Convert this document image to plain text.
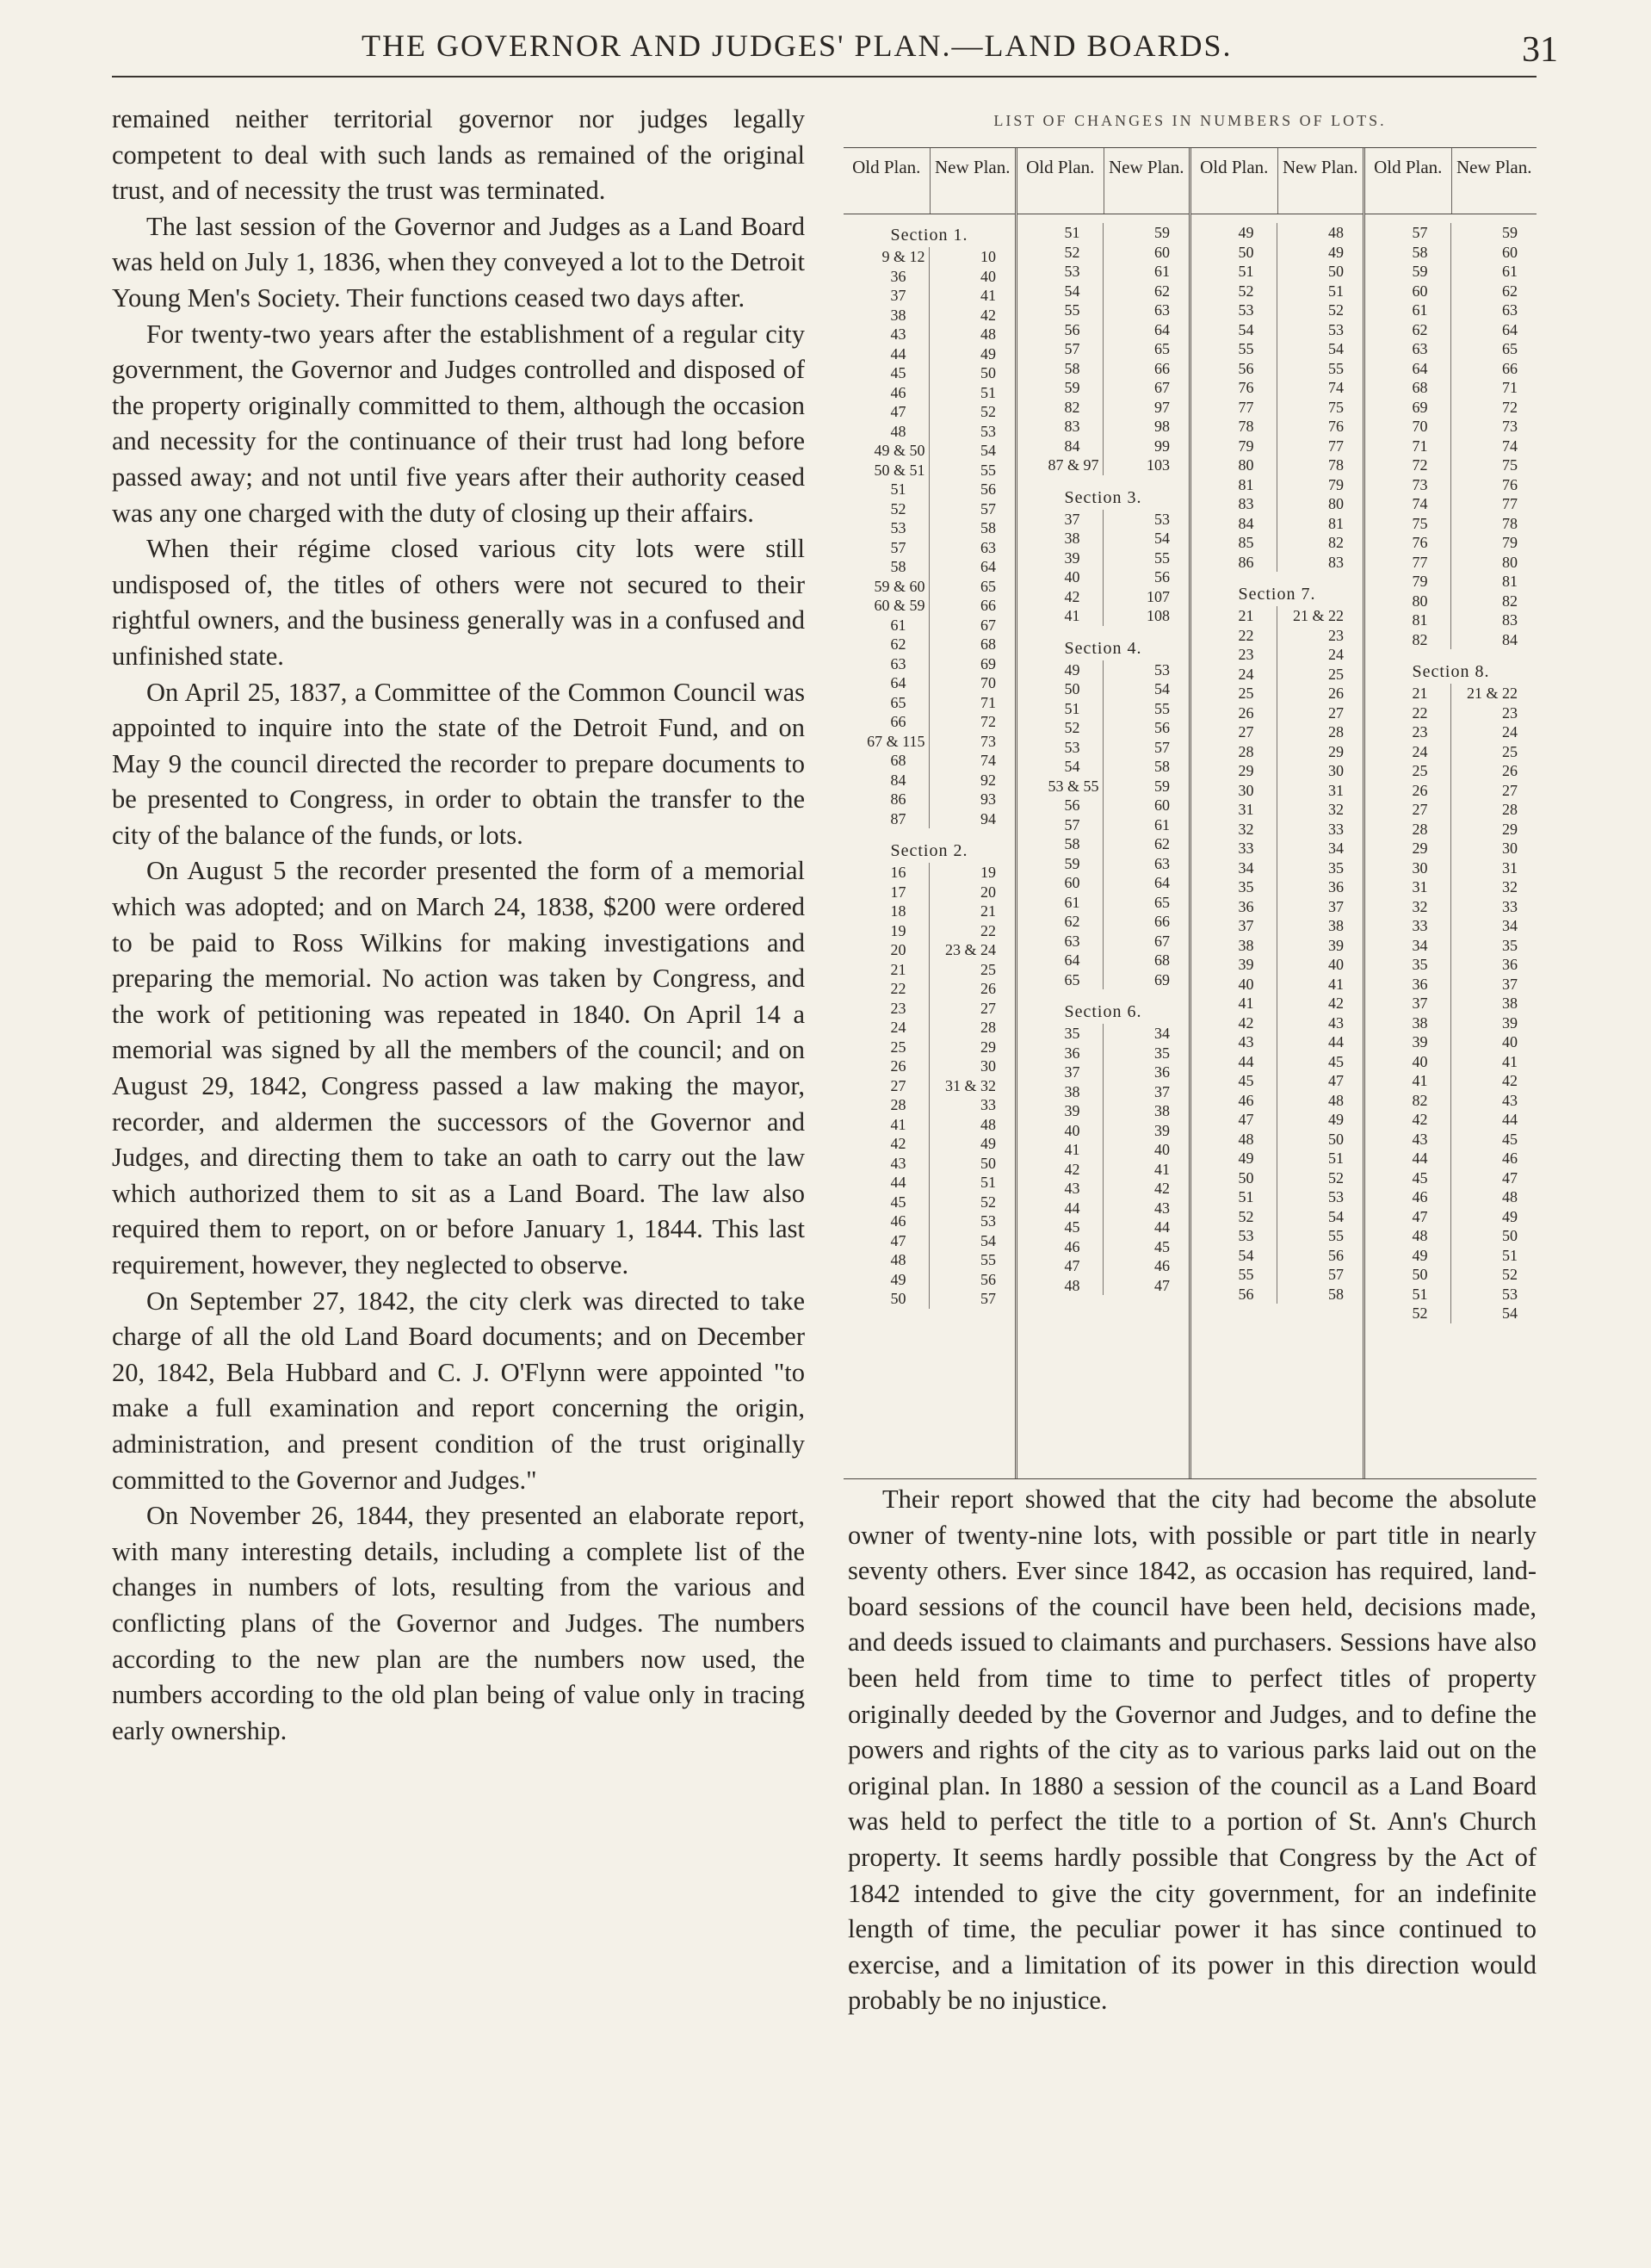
THE GOVERNOR AND JUDGES' PLAN.—LAND BOARDS.	31

remained neither territorial governor nor judges legally competent to deal with such lands as remained of the original trust, and of necessity the trust was terminated.

The last session of the Governor and Judges as a Land Board was held on July 1, 1836, when they conveyed a lot to the Detroit Young Men's Society. Their functions ceased two days after.

For twenty-two years after the establishment of a regular city government, the Governor and Judges controlled and disposed of the property originally committed to them, although the occasion and necessity for the continuance of their trust had long before passed away; and not until five years after their authority ceased was any one charged with the duty of closing up their affairs.

When their régime closed various city lots were still undisposed of, the titles of others were not secured to their rightful owners, and the business generally was in a confused and unfinished state.

On April 25, 1837, a Committee of the Common Council was appointed to inquire into the state of the Detroit Fund, and on May 9 the council directed the recorder to prepare documents to be presented to Congress, in order to obtain the transfer to the city of the balance of the funds, or lots.

On August 5 the recorder presented the form of a memorial which was adopted; and on March 24, 1838, $200 were ordered to be paid to Ross Wilkins for making investigations and preparing the memorial. No action was taken by Congress, and the work of petitioning was repeated in 1840. On April 14 a memorial was signed by all the members of the council; and on August 29, 1842, Congress passed a law making the mayor, recorder, and aldermen the successors of the Governor and Judges, and directing them to take an oath to carry out the law which authorized them to sit as a Land Board. The law also required them to report, on or before January 1, 1844. This last requirement, however, they neglected to observe.

On September 27, 1842, the city clerk was directed to take charge of all the old Land Board documents; and on December 20, 1842, Bela Hubbard and C. J. O'Flynn were appointed "to make a full examination and report concerning the origin, administration, and present condition of the trust originally committed to the Governor and Judges."

On November 26, 1844, they presented an elaborate report, with many interesting details, including a complete list of the changes in numbers of lots, resulting from the various and conflicting plans of the Governor and Judges. The numbers according to the new plan are the numbers now used, the numbers according to the old plan being of value only in tracing early ownership.

LIST OF CHANGES IN NUMBERS OF LOTS.
Old Plan. New Plan.
Section 1.
9 & 12	10
36	40
37	41
38	42
43	48
44	49
45	50
46	51
47	52
48	53
49 & 50	54
50 & 51	55
51	56
52	57
53	58
57	63
58	64
59 & 60	65
60 & 59	66
61	67
62	68
63	69
64	70
65	71
66	72
67 & 115	73
68	74
84	92
86	93
87	94
Section 2.
16	19
17	20
18	21
19	22
20	23 & 24
21	25
22	26
23	27
24	28
25	29
26	30
27	31 & 32
28	33
41	48
42	49
43	50
44	51
45	52
46	53
47	54
48	55
49	56
50	57
Old Plan. New Plan.
51	59
52	60
53	61
54	62
55	63
56	64
57	65
58	66
59	67
82	97
83	98
84	99
87 & 97	103
Section 3.
37	53
38	54
39	55
40	56
42	107
41	108
Section 4.
49	53
50	54
51	55
52	56
53	57
54	58
53 & 55	59
56	60
57	61
58	62
59	63
60	64
61	65
62	66
63	67
64	68
65	69
Section 6.
35	34
36	35
37	36
38	37
39	38
40	39
41	40
42	41
43	42
44	43
45	44
46	45
47	46
48	47
Old Plan. New Plan.
49	48
50	49
51	50
52	51
53	52
54	53
55	54
56	55
76	74
77	75
78	76
79	77
80	78
81	79
83	80
84	81
85	82
86	83
Section 7.
21	21 & 22
22	23
23	24
24	25
25	26
26	27
27	28
28	29
29	30
30	31
31	32
32	33
33	34
34	35
35	36
36	37
37	38
38	39
39	40
40	41
41	42
42	43
43	44
44	45
45	47
46	48
47	49
48	50
49	51
50	52
51	53
52	54
53	55
54	56
55	57
56	58
Old Plan. New Plan.
57	59
58	60
59	61
60	62
61	63
62	64
63	65
64	66
68	71
69	72
70	73
71	74
72	75
73	76
74	77
75	78
76	79
77	80
79	81
80	82
81	83
82	84
Section 8.
21	21 & 22
22	23
23	24
24	25
25	26
26	27
27	28
28	29
29	30
30	31
31	32
32	33
33	34
34	35
35	36
36	37
37	38
38	39
39	40
40	41
41	42
82	43
42	44
43	45
44	46
45	47
46	48
47	49
48	50
49	51
50	52
51	53
52	54

Their report showed that the city had become the absolute owner of twenty-nine lots, with possible or part title in nearly seventy others. Ever since 1842, as occasion has required, land-board sessions of the council have been held, decisions made, and deeds issued to claimants and purchasers. Sessions have also been held from time to time to perfect titles of property originally deeded by the Governor and Judges, and to define the powers and rights of the city as to various parks laid out on the original plan. In 1880 a session of the council as a Land Board was held to perfect the title to a portion of St. Ann's Church property. It seems hardly possible that Congress by the Act of 1842 intended to give the city government, for an indefinite length of time, the peculiar power it has since continued to exercise, and a limitation of its power in this direction would probably be no injustice.
